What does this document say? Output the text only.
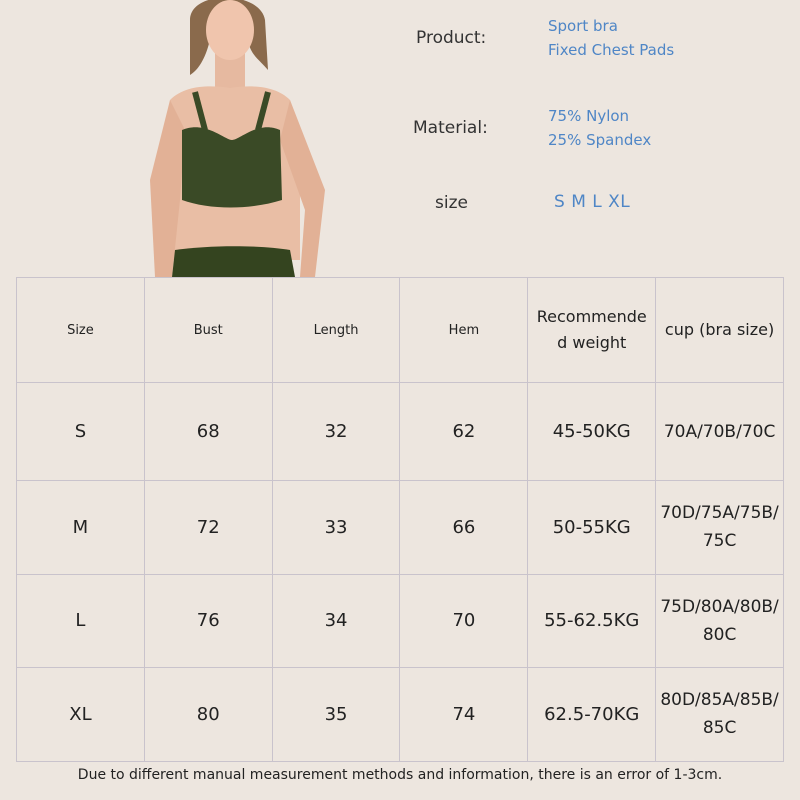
Product:
Sport bra
Fixed Chest Pads
Material:
75% Nylon
25% Spandex
size	S M L XL
Size	Bust	Length	Hem	Recommended weight	cup (bra size)
S	68	32	62	45-50KG	70A/70B/70C
M	72	33	66	50-55KG	70D/75A/75B/75C
L	76	34	70	55-62.5KG	75D/80A/80B/80C
XL	80	35	74	62.5-70KG	80D/85A/85B/85C
Due to different manual measurement methods and information, there is an error of 1-3cm.
